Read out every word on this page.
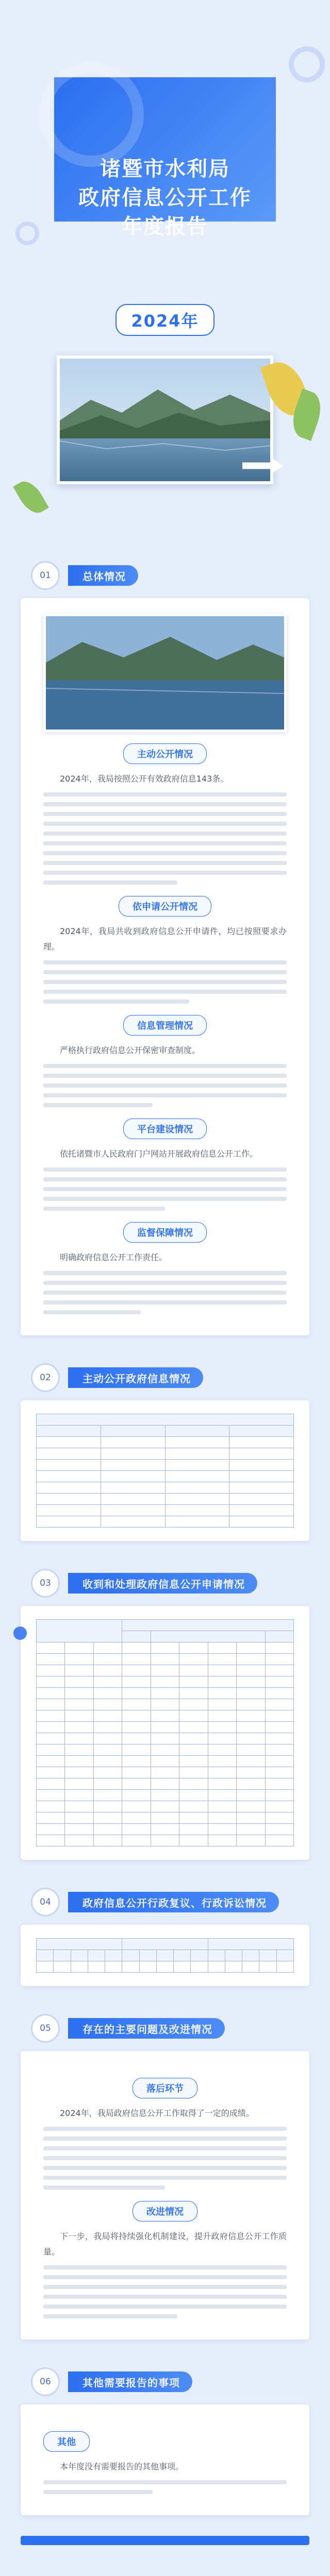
诸暨市水利局
政府信息公开工作
年度报告
2024年
01	总体情况
主动公开情况

2024年，我局按照公开有效政府信息143条。

依申请公开情况

2024年，我局共收到政府信息公开申请件，均已按照要求办理。

信息管理情况

严格执行政府信息公开保密审查制度。

平台建设情况

依托诸暨市人民政府门户网站开展政府信息公开工作。

监督保障情况

明确政府信息公开工作责任。

02	主动公开政府信息情况

03	收到和处理政府信息公开申请情况

04	政府信息公开行政复议、行政诉讼情况

05	存在的主要问题及改进情况
落后环节

2024年，我局政府信息公开工作取得了一定的成绩。

改进情况

下一步，我局将持续强化机制建设，提升政府信息公开工作质量。

06	其他需要报告的事项
其他

本年度没有需要报告的其他事项。
